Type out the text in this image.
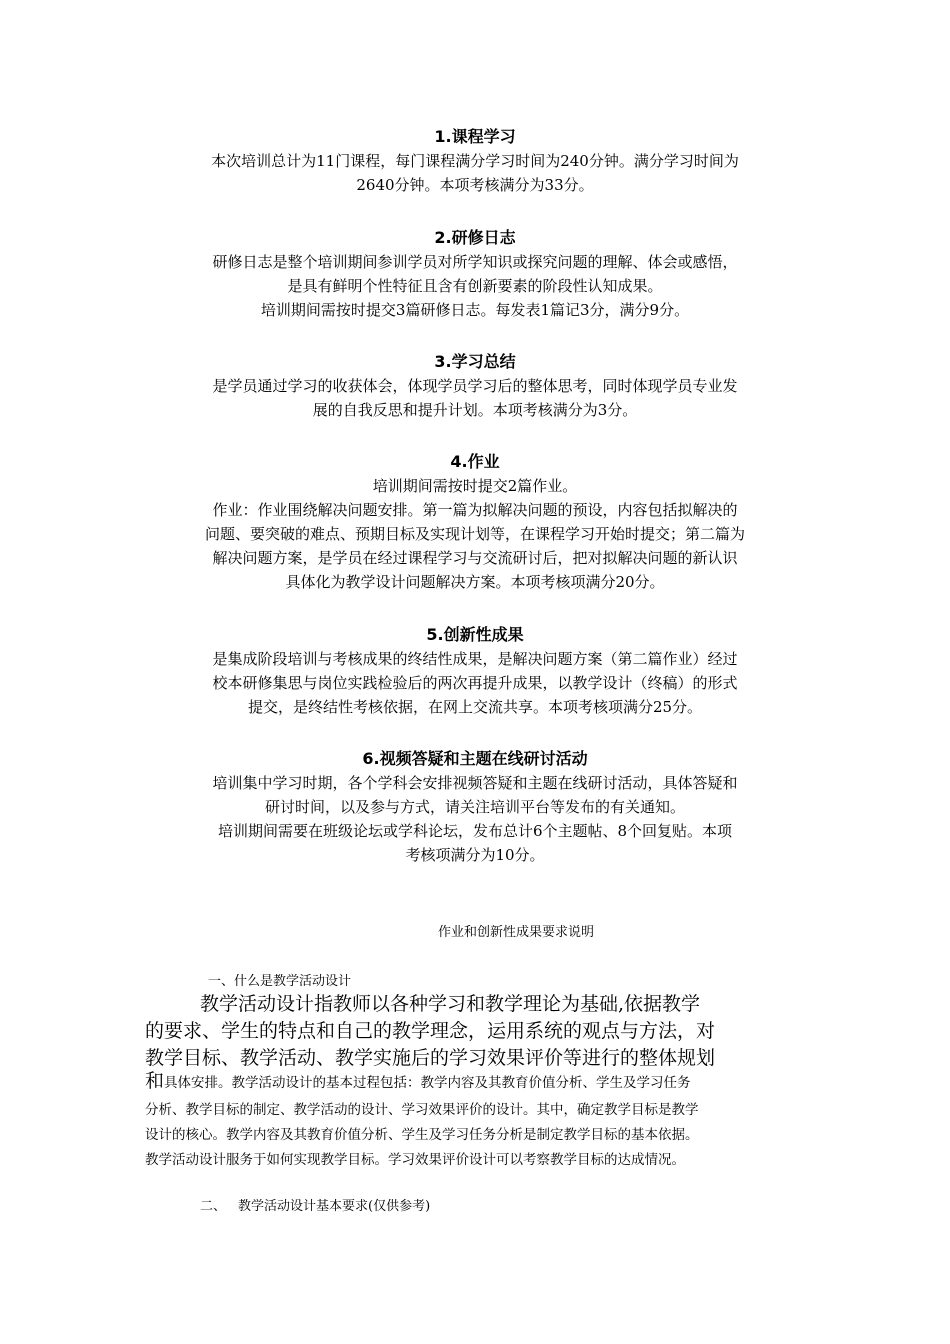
1.课程学习
本次培训总计为11门课程，每门课程满分学习时间为240分钟。满分学习时间为
2640分钟。本项考核满分为33分。
2.研修日志
研修日志是整个培训期间参训学员对所学知识或探究问题的理解、体会或感悟，
是具有鲜明个性特征且含有创新要素的阶段性认知成果。
培训期间需按时提交3篇研修日志。每发表1篇记3分，满分9分。
3.学习总结
是学员通过学习的收获体会，体现学员学习后的整体思考，同时体现学员专业发
展的自我反思和提升计划。本项考核满分为3分。
4.作业
培训期间需按时提交2篇作业。
作业：作业围绕解决问题安排。第一篇为拟解决问题的预设，内容包括拟解决的
问题、要突破的难点、预期目标及实现计划等，在课程学习开始时提交；第二篇为
解决问题方案，是学员在经过课程学习与交流研讨后，把对拟解决问题的新认识
具体化为教学设计问题解决方案。本项考核项满分20分。
5.创新性成果
是集成阶段培训与考核成果的终结性成果，是解决问题方案（第二篇作业）经过
校本研修集思与岗位实践检验后的两次再提升成果，以教学设计（终稿）的形式
提交，是终结性考核依据，在网上交流共享。本项考核项满分25分。
6.视频答疑和主题在线研讨活动
培训集中学习时期，各个学科会安排视频答疑和主题在线研讨活动，具体答疑和
研讨时间，以及参与方式，请关注培训平台等发布的有关通知。
培训期间需要在班级论坛或学科论坛，发布总计6个主题帖、8个回复贴。本项
考核项满分为10分。
作业和创新性成果要求说明
一、什么是教学活动设计
教学活动设计指教师以各种学习和教学理论为基础,依据教学
的要求、学生的特点和自己的教学理念，运用系统的观点与方法，对
教学目标、教学活动、教学实施后的学习效果评价等进行的整体规划
和具体安排。教学活动设计的基本过程包括：教学内容及其教育价值分析、学生及学习任务
分析、教学目标的制定、教学活动的设计、学习效果评价的设计。其中，确定教学目标是教学
设计的核心。教学内容及其教育价值分析、学生及学习任务分析是制定教学目标的基本依据。
教学活动设计服务于如何实现教学目标。学习效果评价设计可以考察教学目标的达成情况。
二、 教学活动设计基本要求(仅供参考)
